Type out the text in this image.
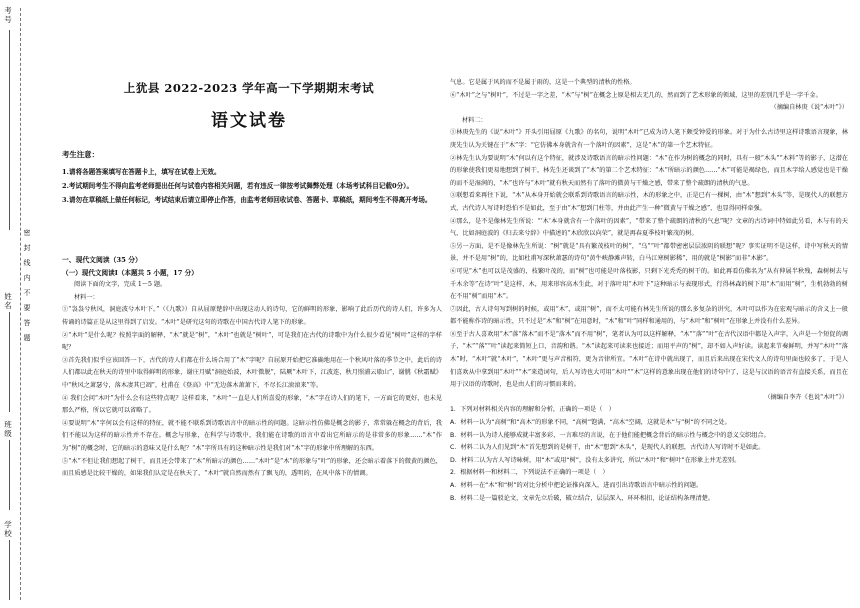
考号
姓名
班级
学校
密封线内不要答题
上犹县 2022-2023 学年高一下学期期末考试
语文试卷
考生注意：

1.请将各题答案填写在答题卡上，填写在试卷上无效。

2.考试期间考生不得向监考老师提出任何与试卷内容相关问题，若有违反一律按考试舞弊处理（本场考试科目记载0分）。

3.请勿在草稿纸上做任何标记，考试结束后请立即停止作答，由监考老师回收试卷、答题卡、草稿纸，期间考生不得离开考场。

一、现代文阅读（35 分）

（一）现代文阅读Ⅰ（本题共 5 小题，17 分）

阅读下面的文字，完成 1～5 题。

材料一：

①“袅袅兮秋风，洞庭波兮木叶下。”（《九歌》）自从屈原楚辞中出现这动人的诗句，它的鲜明的形象，影响了此后历代的诗人们，许多为人传诵的诗篇正是从这里得到了启发。“木叶”是研究这句的诗歌在中国古代诗人笔下的形象。

②“木叶”是什么呢？按照字面的解释，“木”就是“树”，“木叶”也就是“树叶”，可是我们在古代的诗歌中为什么很少看见“树叶”这样的字样呢？

③首先我们似乎应该回答一下，古代的诗人们都在什么场合用了“木”字呢？自屈原开始把它准确地用在一个秋风叶落的季节之中，此后的诗人们都以此在秋天的诗里中取得鲜明的形象，谢庄月赋“洞庭始波，木叶微脱”，陆厥“木叶下，江波连，秋月照浦云歇山”，谢朓《秋霜赋》中“秋风之萧瑟兮，落木凄其已凋”，杜甫在《登高》中“无边落木萧萧下，不尽长江滚滚来”等。

④ 我们会问“木叶”为什么会有这些特点呢？这样看来，“木叶”一直是人们所喜爱的形象，“木”字在诗人们的笔下，一方面它的更好，也未见那么严格，所以它就可以省略了。

④要说明“木”字何以会有这样的特征，就不能不联系到诗歌语言中的暗示性的问题。这暗示性仿佛是概念的影子，常常躲在概念的背后，我们不能以为这样的暗示性并不存在。概念与形象，在科学与诗歌中，我们能在诗歌的语言中看出它所暗示的是非常多的形象……“木”作为“树”的概念时，它的暗示的意味又是什么呢？“木”字所具有的这种暗示性是我们对“木”字的形象中所理解的东西。

⑤“木”不但让我们想起了树干，而且还会带来了“木”所暗示的颜色……“木叶”是“木”的形象与“叶”的形象，还会暗示着落下的微黄的颜色，而且质感是比较干燥的，如果我们认定是在秋天了，“木叶”就自然而然有了飘飞的，透明的，在风中落下的情调。

气息。它是属于风的而不是属于雨的，这是一个典型的清秋的性格。

⑥“木叶”之与“树叶”，不过是一字之差，“木”与“树”在概念上原是相去无几的，然而到了艺术形象的领域，这里的差别几乎是一字千金。

（摘编自林庚《说“木叶”》）

材料二：

①林庚先生的《说“木叶”》开头引用屈原《九歌》的名句，说明“木叶”已成为诗人笔下颇受钟爱的形象。对于为什么古诗里这样诗歌语言现象，林庚先生认为关键在于“木”字：“它仿佛本身就含有一个落叶的因素”，这是“木”的第一个艺术特征。

②林先生认为要说明“木”何以有这个特征，就涉及诗歌语言的暗示性问题：“木”在作为树的概念的同时，具有一般“木头”“木料”等的影子，这潜在的形象使我们更易地想到了树干，林先生还谈到了“木”的第二个艺术特征：“木”所暗示的颜色……“木”可能是褐绿色，而且木字给人感觉也是干燥的而不是湿润的，“木”也许与“木叶”就有秋天而然有了落叶的微黄与干燥之感，带来了整个疏朗的清秋的气息。

③联想看来再往下说，“木”从本身开始就会联系到诗歌语言的暗示性，木的形象之中，正是已有一棵树，由“木”想到“木头”等，是现代人的联想方式，古代诗人写诗时恐怕不是如此，至于由“木”想到门柱等，并由此产生一种“微黄与干燥之感”，也显得同样牵强。

④那么，是不是像林先生所说：“‘木’本身就含有一个落叶的因素”，“带来了整个疏朗的清秋的气息”呢？文章的古诗词中特如此另看，木与有的天气，比如洞庭波的《归去来兮辞》中描述的“木欣欣以向荣”，就是再春夏季枝叶繁茂的树。

⑤另一方面，是不是像林先生所说：“树”就是“具有繁茂枝叶的树”，“乌”“叶”都带密密层层浓阴的联想“呢？事实证明不是这样，诗中写秋天的情景，并不是用“树”的，比如杜甫写深秋萧瑟的诗句“黄牛峡静滩声转，白马江寒树影稀”，用的就是“树影”而非“木影”。

⑥可见“木”也可以是茂盛的，枝繁叶茂的，而“树”也可能是叶落枝影，只剩下光秃秃的树干的。如此再看仿佛名为“从有伸展半秋残，森树树去与千木余等”在诗“叶”是这样，木，用来形容高木生此，对于落叶用“木叶下”这种暗示与表现形式，行得林森的树下用“木”而用“树”，生机勃勃的树在不用“树”而用“木”。

⑦因此，古人诗句写到树的时候，或用“木”，或用“树”，而不太可能有林先生所说的那么多复杂的讲究，木叶可以作为在宏观与暗示的含义上一般都不能称作诗的暗示性，只不过是“木”和“树”在用意时，“木”和“叶”同样和通用的，与“木叶”和“树叶”在形象上并没有什么差异。

⑧至于古人喜欢用“木”落“落木”而不是“落木”而不用“树”，笔者认为可以这样解释，“木”“落”“叶”在古代汉语中都是入声字，入声是一个短促的调子，“木”“落”“叶”读起来简短上口，音韵和谐。“木”读起来可读来也接近；而用平声的“树”，却不如入声好读。读起来节奏鲜明，并写“木叶”“落木”时，“木叶”就“木叶”，“木叶”更与声音相符，更为音律所宜。“木叶”在诗中就出现了，而且后来出现在宋代文人的诗句里面也较多了，于是人们喜欢从中拿到用“木叶”“木”来造词句，后人写诗也大可用“木叶”“木”这样的意象出现在他们的诗句中了，这是与汉语的语音有直接关系，而且在用于汉语的诗歌时，也是由人们的习惯而来的。

（摘编自李卉《也说“木叶”》）

1．下列对材料相关内容的理解和分析，正确的一项是（　）

A．材料一认为“高树”和“高木”的形象不同，“高树”饱满，“高木”空阔，这就是木“与”树“的不同之处。

B．材料一认为诗人能够成就丰富多彩，一言难尽的言说，在于他们能把概念背后的暗示性与概念中的意义交织组合。

C．材料二认为人们见到“木”首先想到的是树干，由“木”想到“木头”，是现代人的联想，古代诗人写诗时不是如此。

D．材料二认为古人写诗咏树，用“木”或用“树”，没有太多讲究，所以“木叶”和“树叶”在形象上并无差别。

2．根据材料一和材料二，下列说法不正确的一项是（　）

A．材料一在“木”和“树”的对比分析中把论证推向深入，进而引出诗歌语言中暗示性的问题。

B．材料二是一篇驳论文，文章先立后破，破立结合，层层深入，环环相扣，论证结构条理清楚。
